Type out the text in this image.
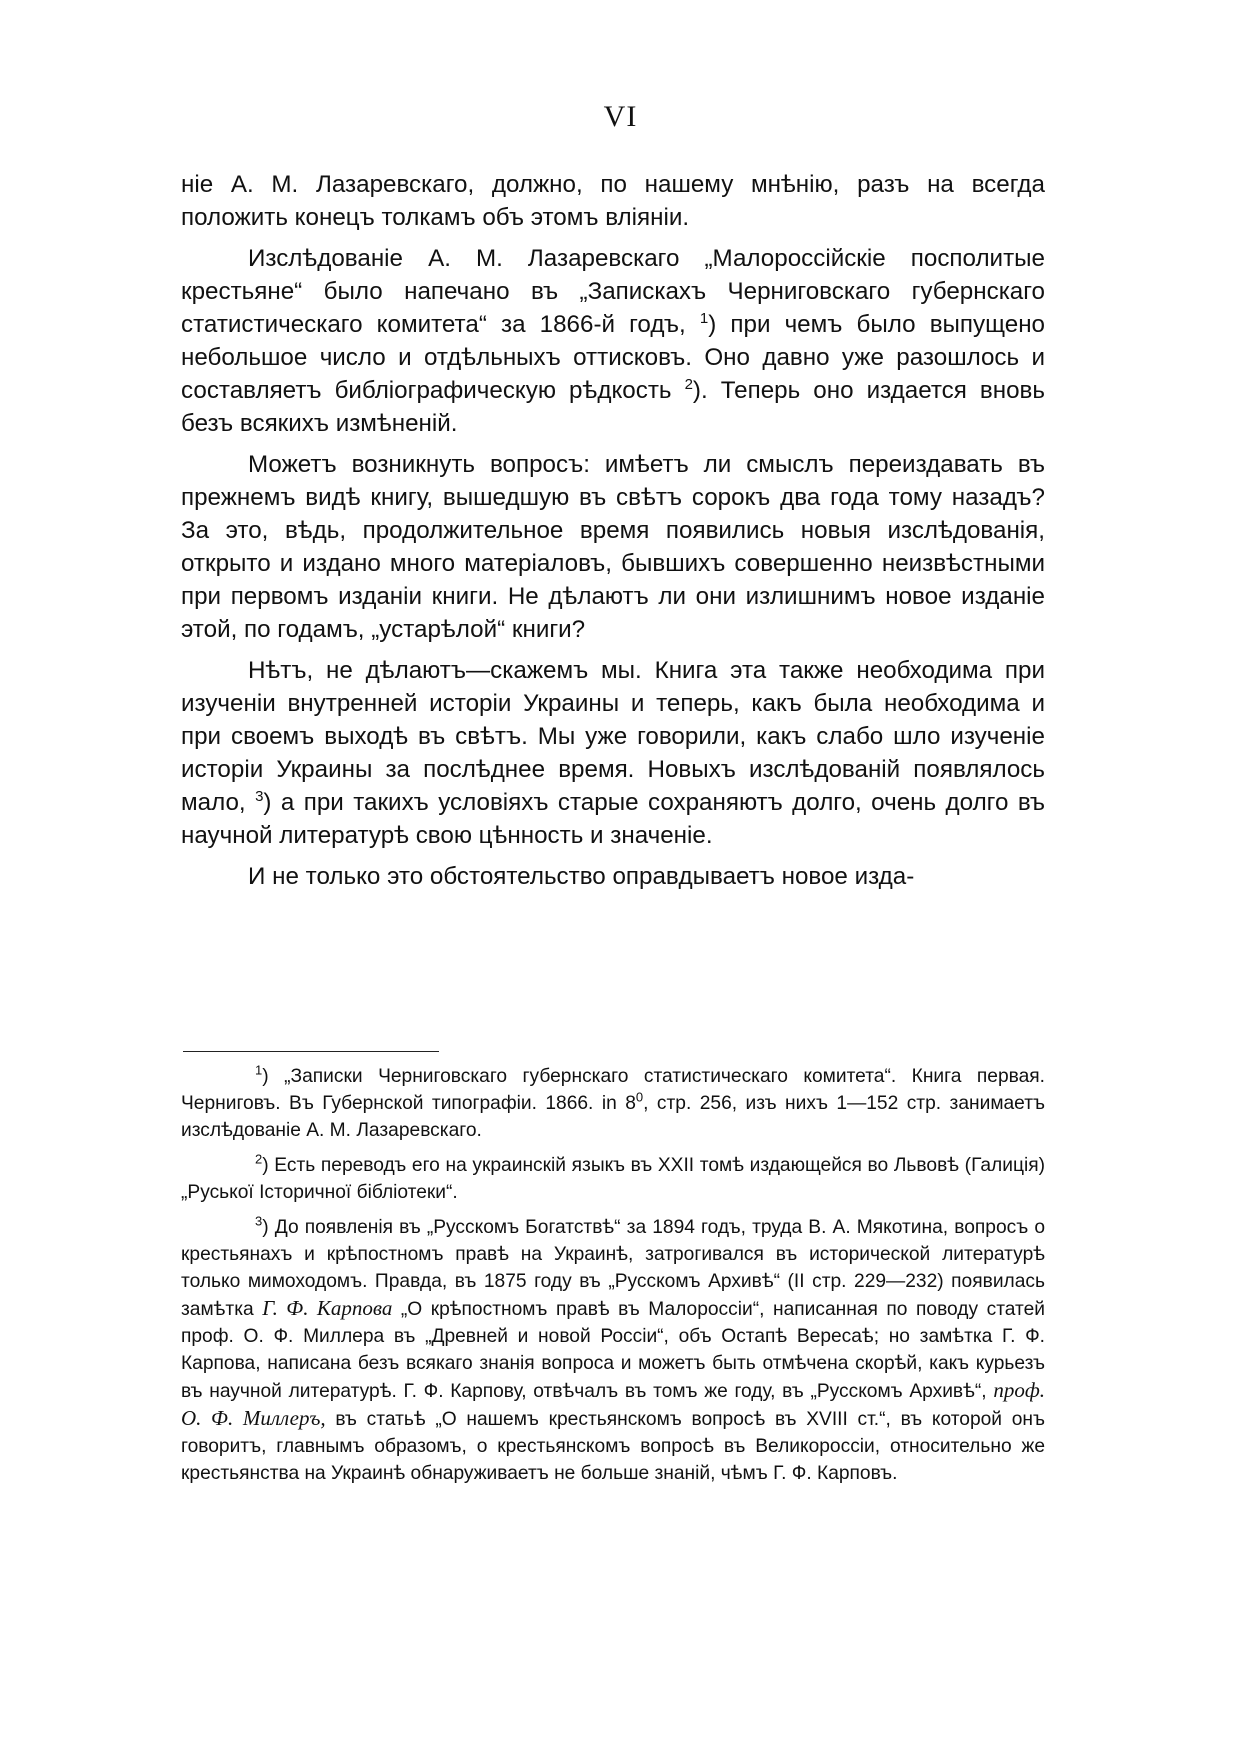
VI

ніе А. М. Лазаревскаго, должно, по нашему мнѣнію, разъ на всегда положить конецъ толкамъ объ этомъ вліяніи.

Изслѣдованіе А. М. Лазаревскаго „Малороссійскіе посполитые крестьяне“ было напечано въ „Запискахъ Черниговскаго губернскаго статистическаго комитета“ за 1866-й годъ, $^1$) при чемъ было выпущено небольшое число и отдѣльныхъ оттисковъ. Оно давно уже разошлось и составляетъ библіографическую рѣдкость $^2$). Теперь оно издается вновь безъ всякихъ измѣненій.

Можетъ возникнуть вопросъ: имѣетъ ли смыслъ переиздавать въ прежнемъ видѣ книгу, вышедшую въ свѣтъ сорокъ два года тому назадъ? За это, вѣдь, продолжительное время появились новыя изслѣдованія, открыто и издано много матеріаловъ, бывшихъ совершенно неизвѣстными при первомъ изданіи книги. Не дѣлаютъ ли они излишнимъ новое изданіе этой, по годамъ, „устарѣлой“ книги?

Нѣтъ, не дѣлаютъ—скажемъ мы. Книга эта также необходима при изученіи внутренней исторіи Украины и теперь, какъ была необходима и при своемъ выходѣ въ свѣтъ. Мы уже говорили, какъ слабо шло изученіе исторіи Украины за послѣднее время. Новыхъ изслѣдованій появлялось мало, $^3$) а при такихъ условіяхъ старые сохраняютъ долго, очень долго въ научной литературѣ свою цѣнность и значеніе.

И не только это обстоятельство оправдываетъ новое изда-

$^1$) „Записки Черниговскаго губернскаго статистическаго комитета“. Книга первая. Черниговъ. Въ Губернской типографіи. 1866. in 8$^0$, стр. 256, изъ нихъ 1—152 стр. занимаетъ изслѣдованіе А. М. Лазаревскаго.

$^2$) Есть переводъ его на украинскій языкъ въ XXII томѣ издающейся во Львовѣ (Галиція) „Руської Історичної бібліотеки“.

$^3$) До появленія въ „Русскомъ Богатствѣ“ за 1894 годъ, труда В. А. Мякотина, вопросъ о крестьянахъ и крѣпостномъ правѣ на Украинѣ, затрогивался въ исторической литературѣ только мимоходомъ. Правда, въ 1875 году въ „Русскомъ Архивѣ“ (II стр. 229—232) появилась замѣтка Г. Ф. Карпова „О крѣпостномъ правѣ въ Малороссіи“, написанная по поводу статей проф. О. Ф. Миллера въ „Древней и новой Россіи“, объ Остапѣ Вересаѣ; но замѣтка Г. Ф. Карпова, написана безъ всякаго знанія вопроса и можетъ быть отмѣчена скорѣй, какъ курьезъ въ научной литературѣ. Г. Ф. Карпову, отвѣчалъ въ томъ же году, въ „Русскомъ Архивѣ“, проф. О. Ф. Миллеръ, въ статьѣ „О нашемъ крестьянскомъ вопросѣ въ XVIII ст.“, въ которой онъ говоритъ, главнымъ образомъ, о крестьянскомъ вопросѣ въ Великороссіи, относительно же крестьянства на Украинѣ обнаруживаетъ не больше знаній, чѣмъ Г. Ф. Карповъ.
